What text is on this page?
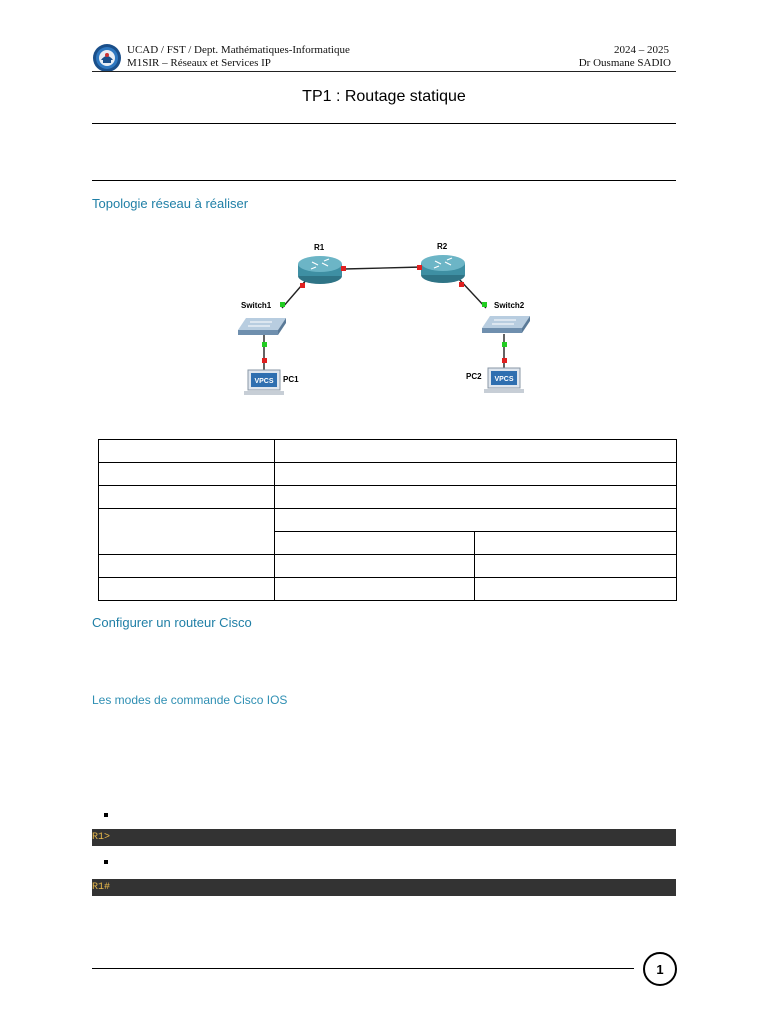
UCAD / FST / Dept. Mathématiques-Informatique
M1SIR – Réseaux et Services IP
2024 – 2025
Dr Ousmane SADIO
TP1 : Routage statique
Topologie réseau à réaliser
VPCS	VPCS
R1	R2
Switch1	Switch2
PC1	PC2

Configurer un routeur Cisco
Les modes de commande Cisco IOS
R1>
R1#
1
